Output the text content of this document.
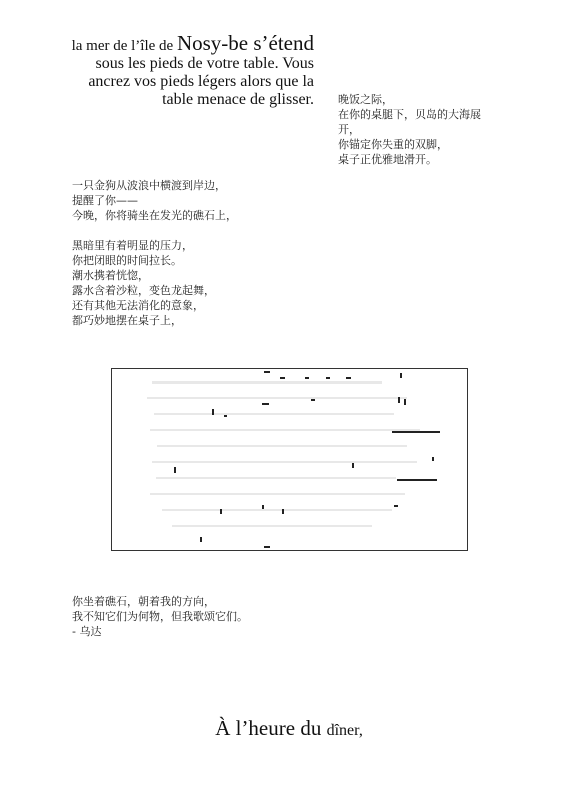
la mer de l’île de Nosy-be s’étend
sous les pieds de votre table. Vous
ancrez vos pieds légers alors que la
table menace de glisser. 晚饭之际，

在你的桌腿下，贝岛的大海展

开，

你锚定你失重的双脚，

桌子正优雅地滑开。

一只金狗从波浪中横渡到岸边，

提醒了你——

今晚，你将骑坐在发光的礁石上，

黑暗里有着明显的压力，

你把闭眼的时间拉长。

潮水携着恍惚，

露水含着沙粒，变色龙起舞，

还有其他无法消化的意象，

都巧妙地摆在桌子上，

你坐着礁石，朝着我的方向，

我不知它们为何物，但我歌颂它们。

- 乌达

À l’heure du dîner,
